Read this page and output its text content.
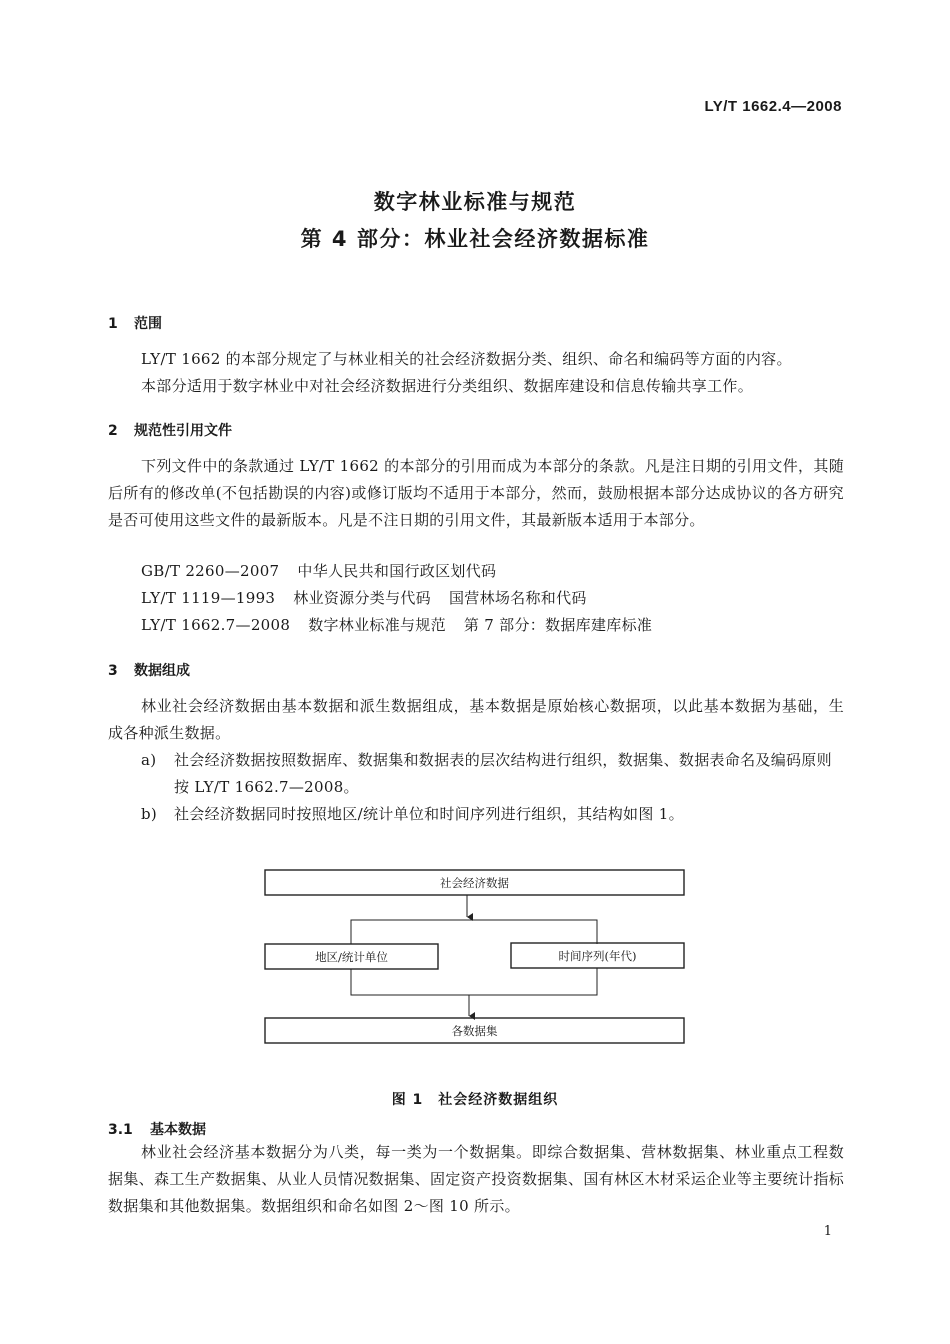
LY/T 1662.4—2008
数字林业标准与规范
第 4 部分：林业社会经济数据标准
1 范围
LY/T 1662 的本部分规定了与林业相关的社会经济数据分类、组织、命名和编码等方面的内容。
本部分适用于数字林业中对社会经济数据进行分类组织、数据库建设和信息传输共享工作。
2 规范性引用文件
下列文件中的条款通过 LY/T 1662 的本部分的引用而成为本部分的条款。凡是注日期的引用文件，其随后所有的修改单(不包括勘误的内容)或修订版均不适用于本部分，然而，鼓励根据本部分达成协议的各方研究是否可使用这些文件的最新版本。凡是不注日期的引用文件，其最新版本适用于本部分。
GB/T 2260—2007 中华人民共和国行政区划代码
LY/T 1119—1993 林业资源分类与代码 国营林场名称和代码
LY/T 1662.7—2008 数字林业标准与规范 第 7 部分：数据库建库标准
3 数据组成
林业社会经济数据由基本数据和派生数据组成，基本数据是原始核心数据项，以此基本数据为基础，生成各种派生数据。
a) 社会经济数据按照数据库、数据集和数据表的层次结构进行组织，数据集、数据表命名及编码原则按 LY/T 1662.7—2008。
b) 社会经济数据同时按照地区/统计单位和时间序列进行组织，其结构如图 1。
社会经济数据
地区/统计单位	时间序列(年代)
各数据集
图 1　社会经济数据组织
3.1 基本数据
林业社会经济基本数据分为八类，每一类为一个数据集。即综合数据集、营林数据集、林业重点工程数据集、森工生产数据集、从业人员情况数据集、固定资产投资数据集、国有林区木材采运企业等主要统计指标数据集和其他数据集。数据组织和命名如图 2～图 10 所示。
1
